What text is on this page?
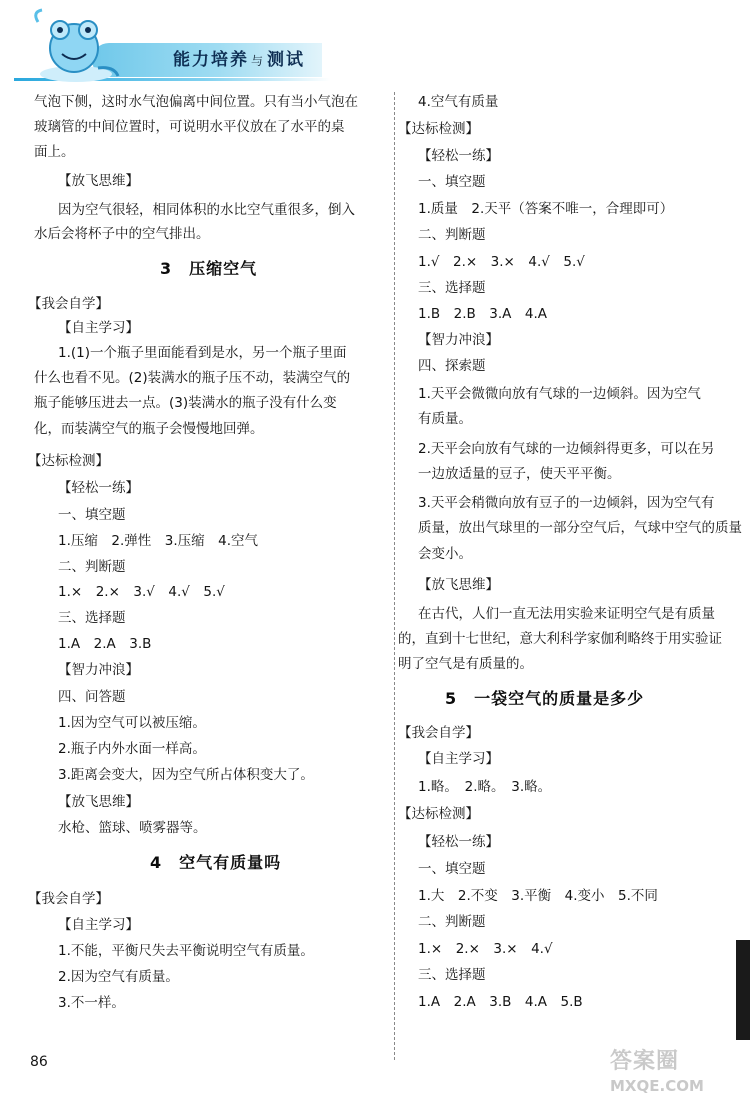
能力培养 与 测试
气泡下侧，这时水气泡偏离中间位置。只有当小气泡在
玻璃管的中间位置时，可说明水平仪放在了水平的桌
面上。
【放飞思维】
因为空气很轻，相同体积的水比空气重很多，倒入
水后会将杯子中的空气排出。
3　压缩空气
【我会自学】
【自主学习】
1.(1)一个瓶子里面能看到是水，另一个瓶子里面
什么也看不见。(2)装满水的瓶子压不动，装满空气的
瓶子能够压进去一点。(3)装满水的瓶子没有什么变
化，而装满空气的瓶子会慢慢地回弹。
【达标检测】
【轻松一练】
一、填空题
1.压缩　2.弹性　3.压缩　4.空气
二、判断题
1.×　2.×　3.√　4.√　5.√
三、选择题
1.A　2.A　3.B
【智力冲浪】
四、问答题
1.因为空气可以被压缩。
2.瓶子内外水面一样高。
3.距离会变大，因为空气所占体积变大了。
【放飞思维】
水枪、篮球、喷雾器等。
4　空气有质量吗
【我会自学】
【自主学习】
1.不能，平衡尺失去平衡说明空气有质量。
2.因为空气有质量。
3.不一样。
4.空气有质量
【达标检测】
【轻松一练】
一、填空题
1.质量　2.天平（答案不唯一，合理即可）
二、判断题
1.√　2.×　3.×　4.√　5.√
三、选择题
1.B　2.B　3.A　4.A
【智力冲浪】
四、探索题
1.天平会微微向放有气球的一边倾斜。因为空气
有质量。
2.天平会向放有气球的一边倾斜得更多，可以在另
一边放适量的豆子，使天平平衡。
3.天平会稍微向放有豆子的一边倾斜，因为空气有
质量，放出气球里的一部分空气后，气球中空气的质量
会变小。
【放飞思维】
在古代，人们一直无法用实验来证明空气是有质量
的，直到十七世纪，意大利科学家伽利略终于用实验证
明了空气是有质量的。
5　一袋空气的质量是多少
【我会自学】
【自主学习】
1.略。　2.略。　3.略。
【达标检测】
【轻松一练】
一、填空题
1.大　2.不变　3.平衡　4.变小　5.不同
二、判断题
1.×　2.×　3.×　4.√
三、选择题
1.A　2.A　3.B　4.A　5.B
86	答案圈
MXQE.COM
